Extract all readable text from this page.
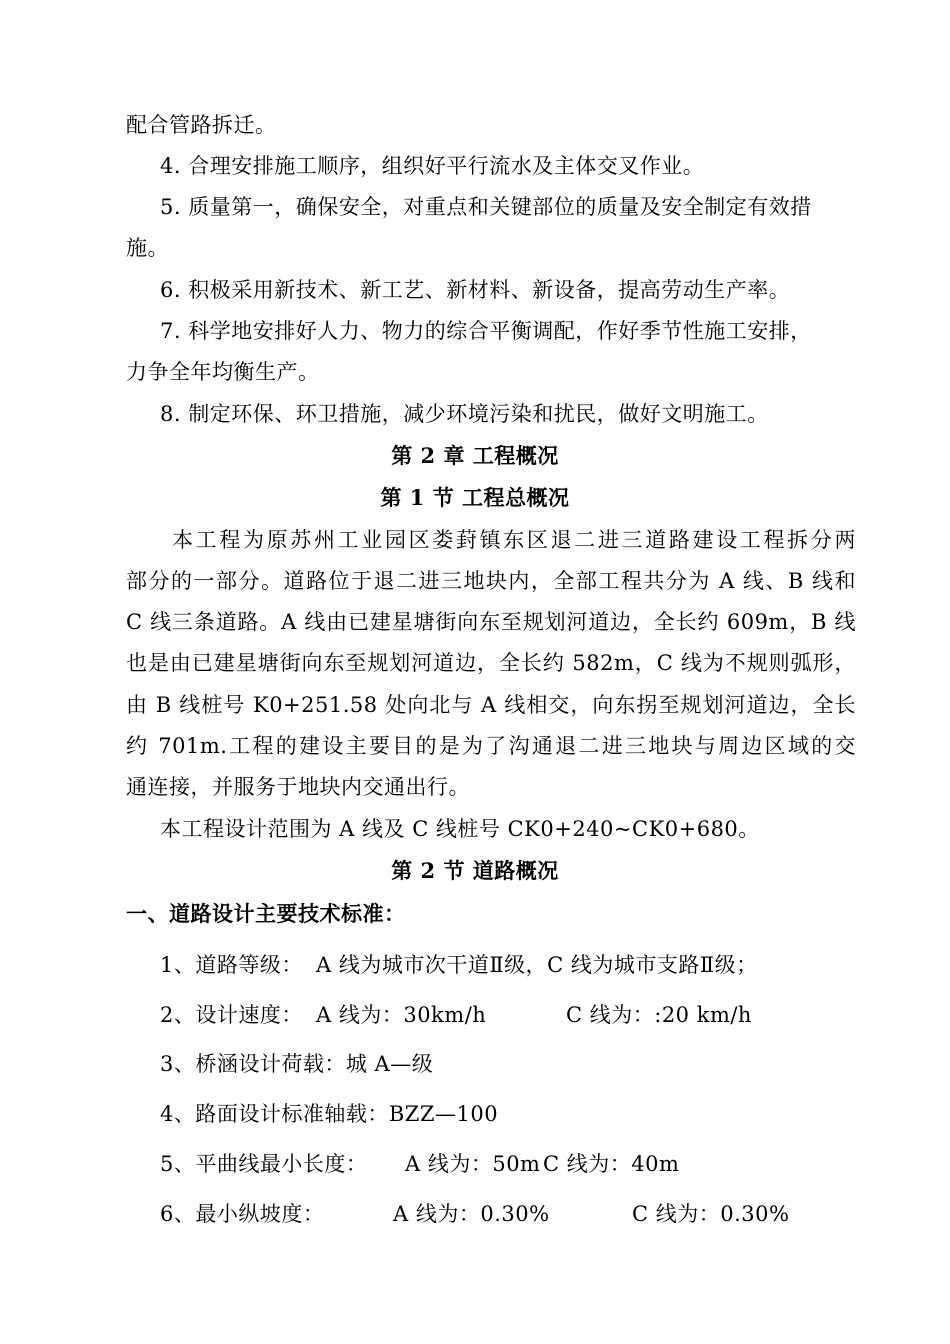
配合管路拆迁。
4. 合理安排施工顺序，组织好平行流水及主体交叉作业。
5. 质量第一，确保安全，对重点和关键部位的质量及安全制定有效措
施。
6. 积极采用新技术、新工艺、新材料、新设备，提高劳动生产率。
7. 科学地安排好人力、物力的综合平衡调配，作好季节性施工安排，
力争全年均衡生产。
8. 制定环保、环卫措施，减少环境污染和扰民，做好文明施工。
第 2 章 工程概况
第 1 节 工程总概况
本工程为原苏州工业园区娄葑镇东区退二进三道路建设工程拆分两
部分的一部分。道路位于退二进三地块内，全部工程共分为 A 线、B 线和
C 线三条道路。A 线由已建星塘街向东至规划河道边，全长约 609m，B 线
也是由已建星塘街向东至规划河道边，全长约 582m，C 线为不规则弧形，
由 B 线桩号 K0+251.58 处向北与 A 线相交，向东拐至规划河道边，全长
约 701m.工程的建设主要目的是为了沟通退二进三地块与周边区域的交
通连接，并服务于地块内交通出行。
本工程设计范围为 A 线及 C 线桩号 CK0+240~CK0+680。
第 2 节 道路概况
一、道路设计主要技术标准：
1、道路等级： A 线为城市次干道Ⅱ级，C 线为城市支路Ⅱ级；
2、设计速度： A 线为：30km/h	C 线为：:20 km/h
3、桥涵设计荷载：城 A—级
4、路面设计标准轴载：BZZ—100
5、平曲线最小长度： A 线为：50m C 线为：40m
6、最小纵坡度：	A 线为：0.30%	C 线为：0.30%
